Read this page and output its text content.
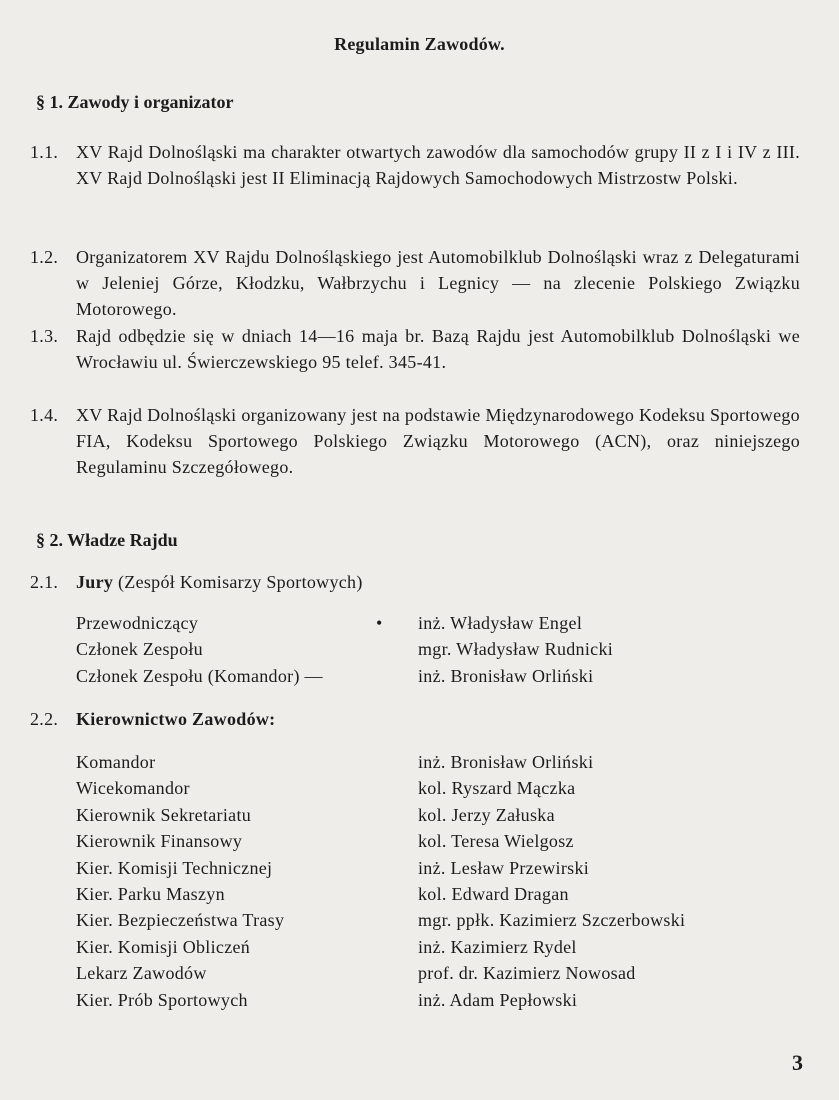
Regulamin Zawodów.
§ 1. Zawody i organizator
1.1. XV Rajd Dolnośląski ma charakter otwartych zawodów dla samochodów grupy II z I i IV z III. XV Rajd Dolnośląski jest II Eliminacją Rajdowych Samochodowych Mistrzostw Polski.
1.2. Organizatorem XV Rajdu Dolnośląskiego jest Automobilklub Dolnośląski wraz z Delegaturami w Jeleniej Górze, Kłodzku, Wałbrzychu i Legnicy — na zlecenie Polskiego Związku Motorowego.
1.3. Rajd odbędzie się w dniach 14—16 maja br. Bazą Rajdu jest Automobilklub Dolnośląski we Wrocławiu ul. Świerczewskiego 95 telef. 345-41.
1.4. XV Rajd Dolnośląski organizowany jest na podstawie Międzynarodowego Kodeksu Sportowego FIA, Kodeksu Sportowego Polskiego Związku Motorowego (ACN), oraz niniejszego Regulaminu Szczegółowego.
§ 2. Władze Rajdu
2.1. Jury (Zespół Komisarzy Sportowych)
Przewodniczący	• inż. Władysław Engel
Członek Zespołu	mgr. Władysław Rudnicki
Członek Zespołu (Komandor) —	inż. Bronisław Orliński
2.2. Kierownictwo Zawodów:
Komandor	inż. Bronisław Orliński
Wicekomandor	kol. Ryszard Mączka
Kierownik Sekretariatu	kol. Jerzy Załuska
Kierownik Finansowy	kol. Teresa Wielgosz
Kier. Komisji Technicznej	inż. Lesław Przewirski
Kier. Parku Maszyn	kol. Edward Dragan
Kier. Bezpieczeństwa Trasy	mgr. ppłk. Kazimierz Szczerbowski
Kier. Komisji Obliczeń	inż. Kazimierz Rydel
Lekarz Zawodów	prof. dr. Kazimierz Nowosad
Kier. Prób Sportowych	inż. Adam Pepłowski
3
